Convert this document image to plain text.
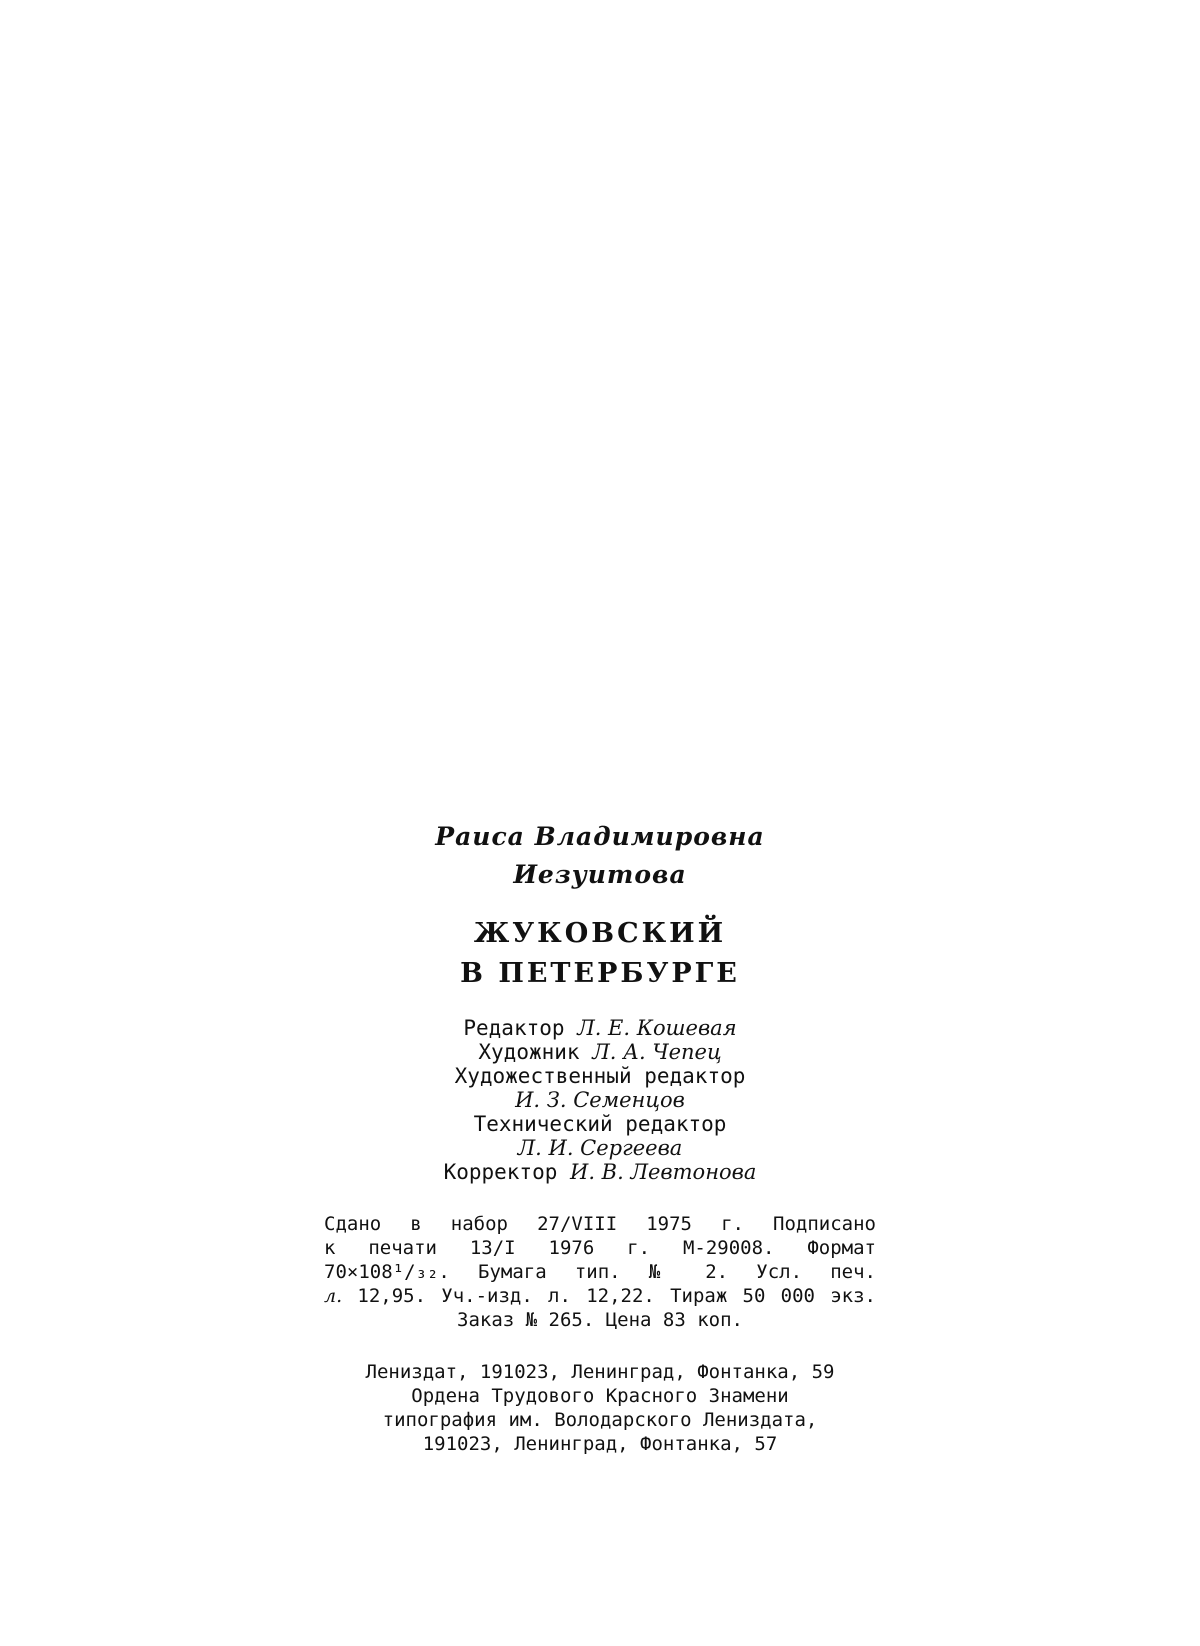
Раиса Владимировна
Иезуитова
ЖУКОВСКИЙ
В ПЕТЕРБУРГЕ
Редактор Л. Е. Кошевая
Художник Л. А. Чепец
Художественный редактор
И. З. Семенцов
Технический редактор
Л. И. Сергеева
Корректор И. В. Левтонова
Сдано в набор 27/VIII 1975 г. Подписано
к печати 13/I 1976 г. М-29008. Формат
70×108¹/₃₂. Бумага тип. № 2. Усл. печ.
л. 12,95. Уч.-изд. л. 12,22. Тираж 50 000 экз.
Заказ № 265. Цена 83 коп.
Лениздат, 191023, Ленинград, Фонтанка, 59
Ордена Трудового Красного Знамени
типография им. Володарского Лениздата,
191023, Ленинград, Фонтанка, 57
